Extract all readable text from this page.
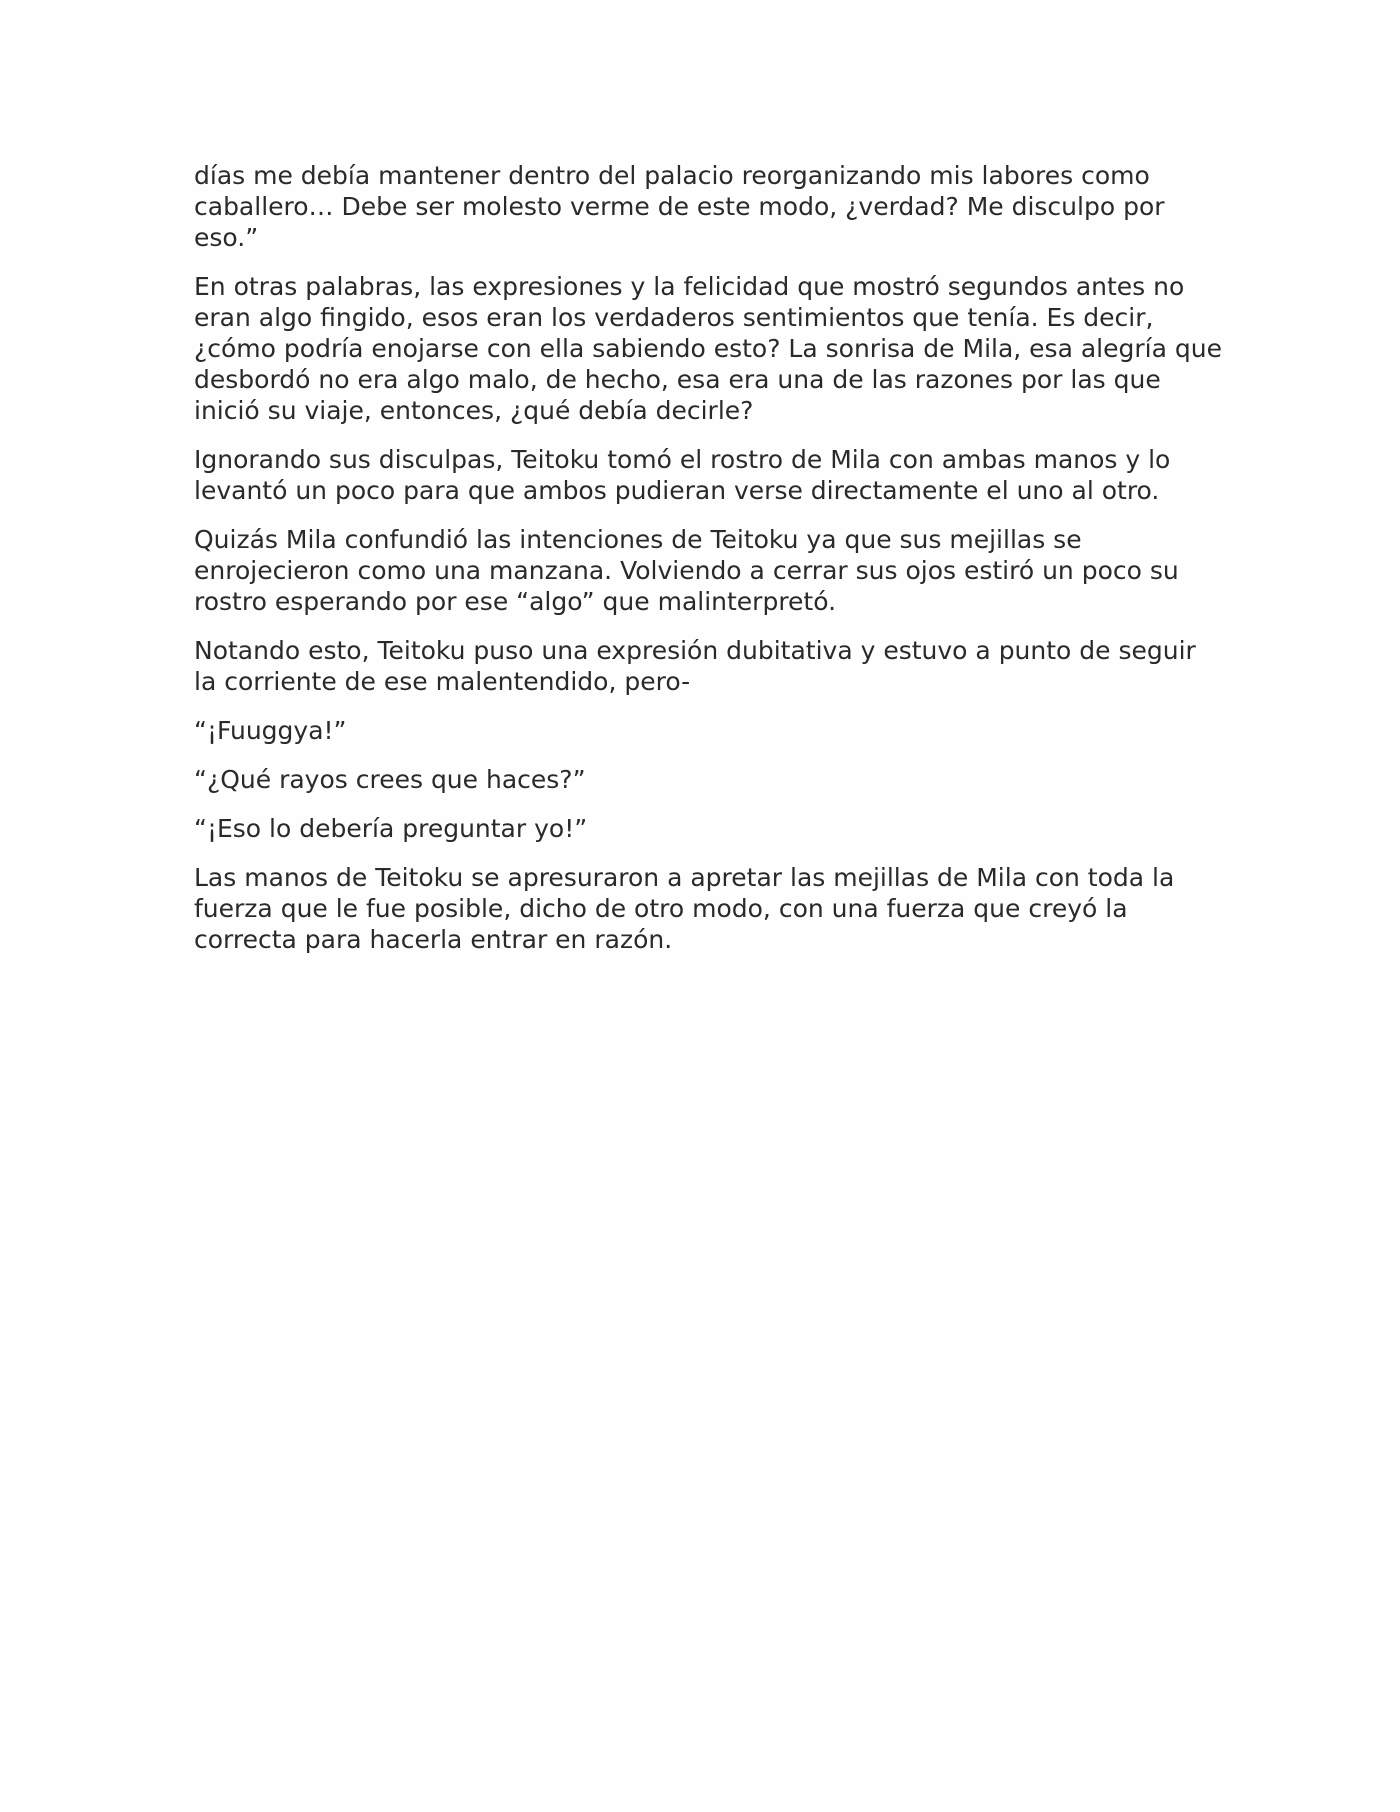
días me debía mantener dentro del palacio reorganizando mis labores como caballero… Debe ser molesto verme de este modo, ¿verdad? Me disculpo por eso.”

En otras palabras, las expresiones y la felicidad que mostró segundos antes no eran algo fingido, esos eran los verdaderos sentimientos que tenía. Es decir, ¿cómo podría enojarse con ella sabiendo esto? La sonrisa de Mila, esa alegría que desbordó no era algo malo, de hecho, esa era una de las razones por las que inició su viaje, entonces, ¿qué debía decirle?

Ignorando sus disculpas, Teitoku tomó el rostro de Mila con ambas manos y lo levantó un poco para que ambos pudieran verse directamente el uno al otro.

Quizás Mila confundió las intenciones de Teitoku ya que sus mejillas se enrojecieron como una manzana. Volviendo a cerrar sus ojos estiró un poco su rostro esperando por ese “algo” que malinterpretó.

Notando esto, Teitoku puso una expresión dubitativa y estuvo a punto de seguir la corriente de ese malentendido, pero-

“¡Fuuggya!”

“¿Qué rayos crees que haces?”

“¡Eso lo debería preguntar yo!”

Las manos de Teitoku se apresuraron a apretar las mejillas de Mila con toda la fuerza que le fue posible, dicho de otro modo, con una fuerza que creyó la correcta para hacerla entrar en razón.
